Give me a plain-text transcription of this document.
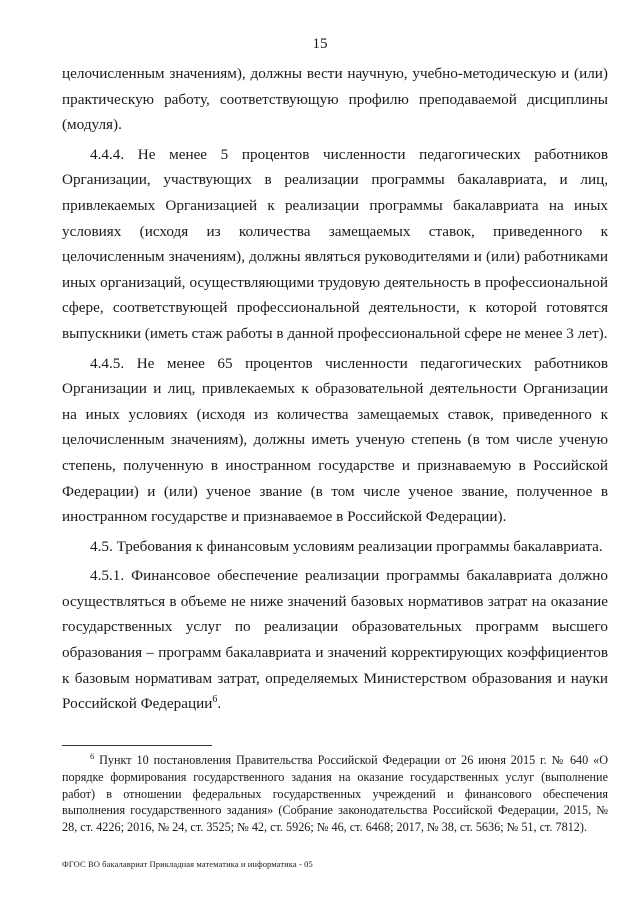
15

целочисленным значениям), должны вести научную, учебно-методическую и (или) практическую работу, соответствующую профилю преподаваемой дисциплины (модуля).

4.4.4. Не менее 5 процентов численности педагогических работников Организации, участвующих в реализации программы бакалавриата, и лиц, привлекаемых Организацией к реализации программы бакалавриата на иных условиях (исходя из количества замещаемых ставок, приведенного к целочисленным значениям), должны являться руководителями и (или) работниками иных организаций, осуществляющими трудовую деятельность в профессиональной сфере, соответствующей профессиональной деятельности, к которой готовятся выпускники (иметь стаж работы в данной профессиональной сфере не менее 3 лет).

4.4.5. Не менее 65 процентов численности педагогических работников Организации и лиц, привлекаемых к образовательной деятельности Организации на иных условиях (исходя из количества замещаемых ставок, приведенного к целочисленным значениям), должны иметь ученую степень (в том числе ученую степень, полученную в иностранном государстве и признаваемую в Российской Федерации) и (или) ученое звание (в том числе ученое звание, полученное в иностранном государстве и признаваемое в Российской Федерации).

4.5. Требования к финансовым условиям реализации программы бакалавриата.

4.5.1. Финансовое обеспечение реализации программы бакалавриата должно осуществляться в объеме не ниже значений базовых нормативов затрат на оказание государственных услуг по реализации образовательных программ высшего образования – программ бакалавриата и значений корректирующих коэффициентов к базовым нормативам затрат, определяемых Министерством образования и науки Российской Федерации$^6$.

$^6$ Пункт 10 постановления Правительства Российской Федерации от 26 июня 2015 г. № 640 «О порядке формирования государственного задания на оказание государственных услуг (выполнение работ) в отношении федеральных государственных учреждений и финансового обеспечения выполнения государственного задания» (Собрание законодательства Российской Федерации, 2015, № 28, ст. 4226; 2016, № 24, ст. 3525; № 42, ст. 5926; № 46, ст. 6468; 2017, № 38, ст. 5636; № 51, ст. 7812).

ФГОС ВО бакалавриат Прикладная математика и информатика - 05
